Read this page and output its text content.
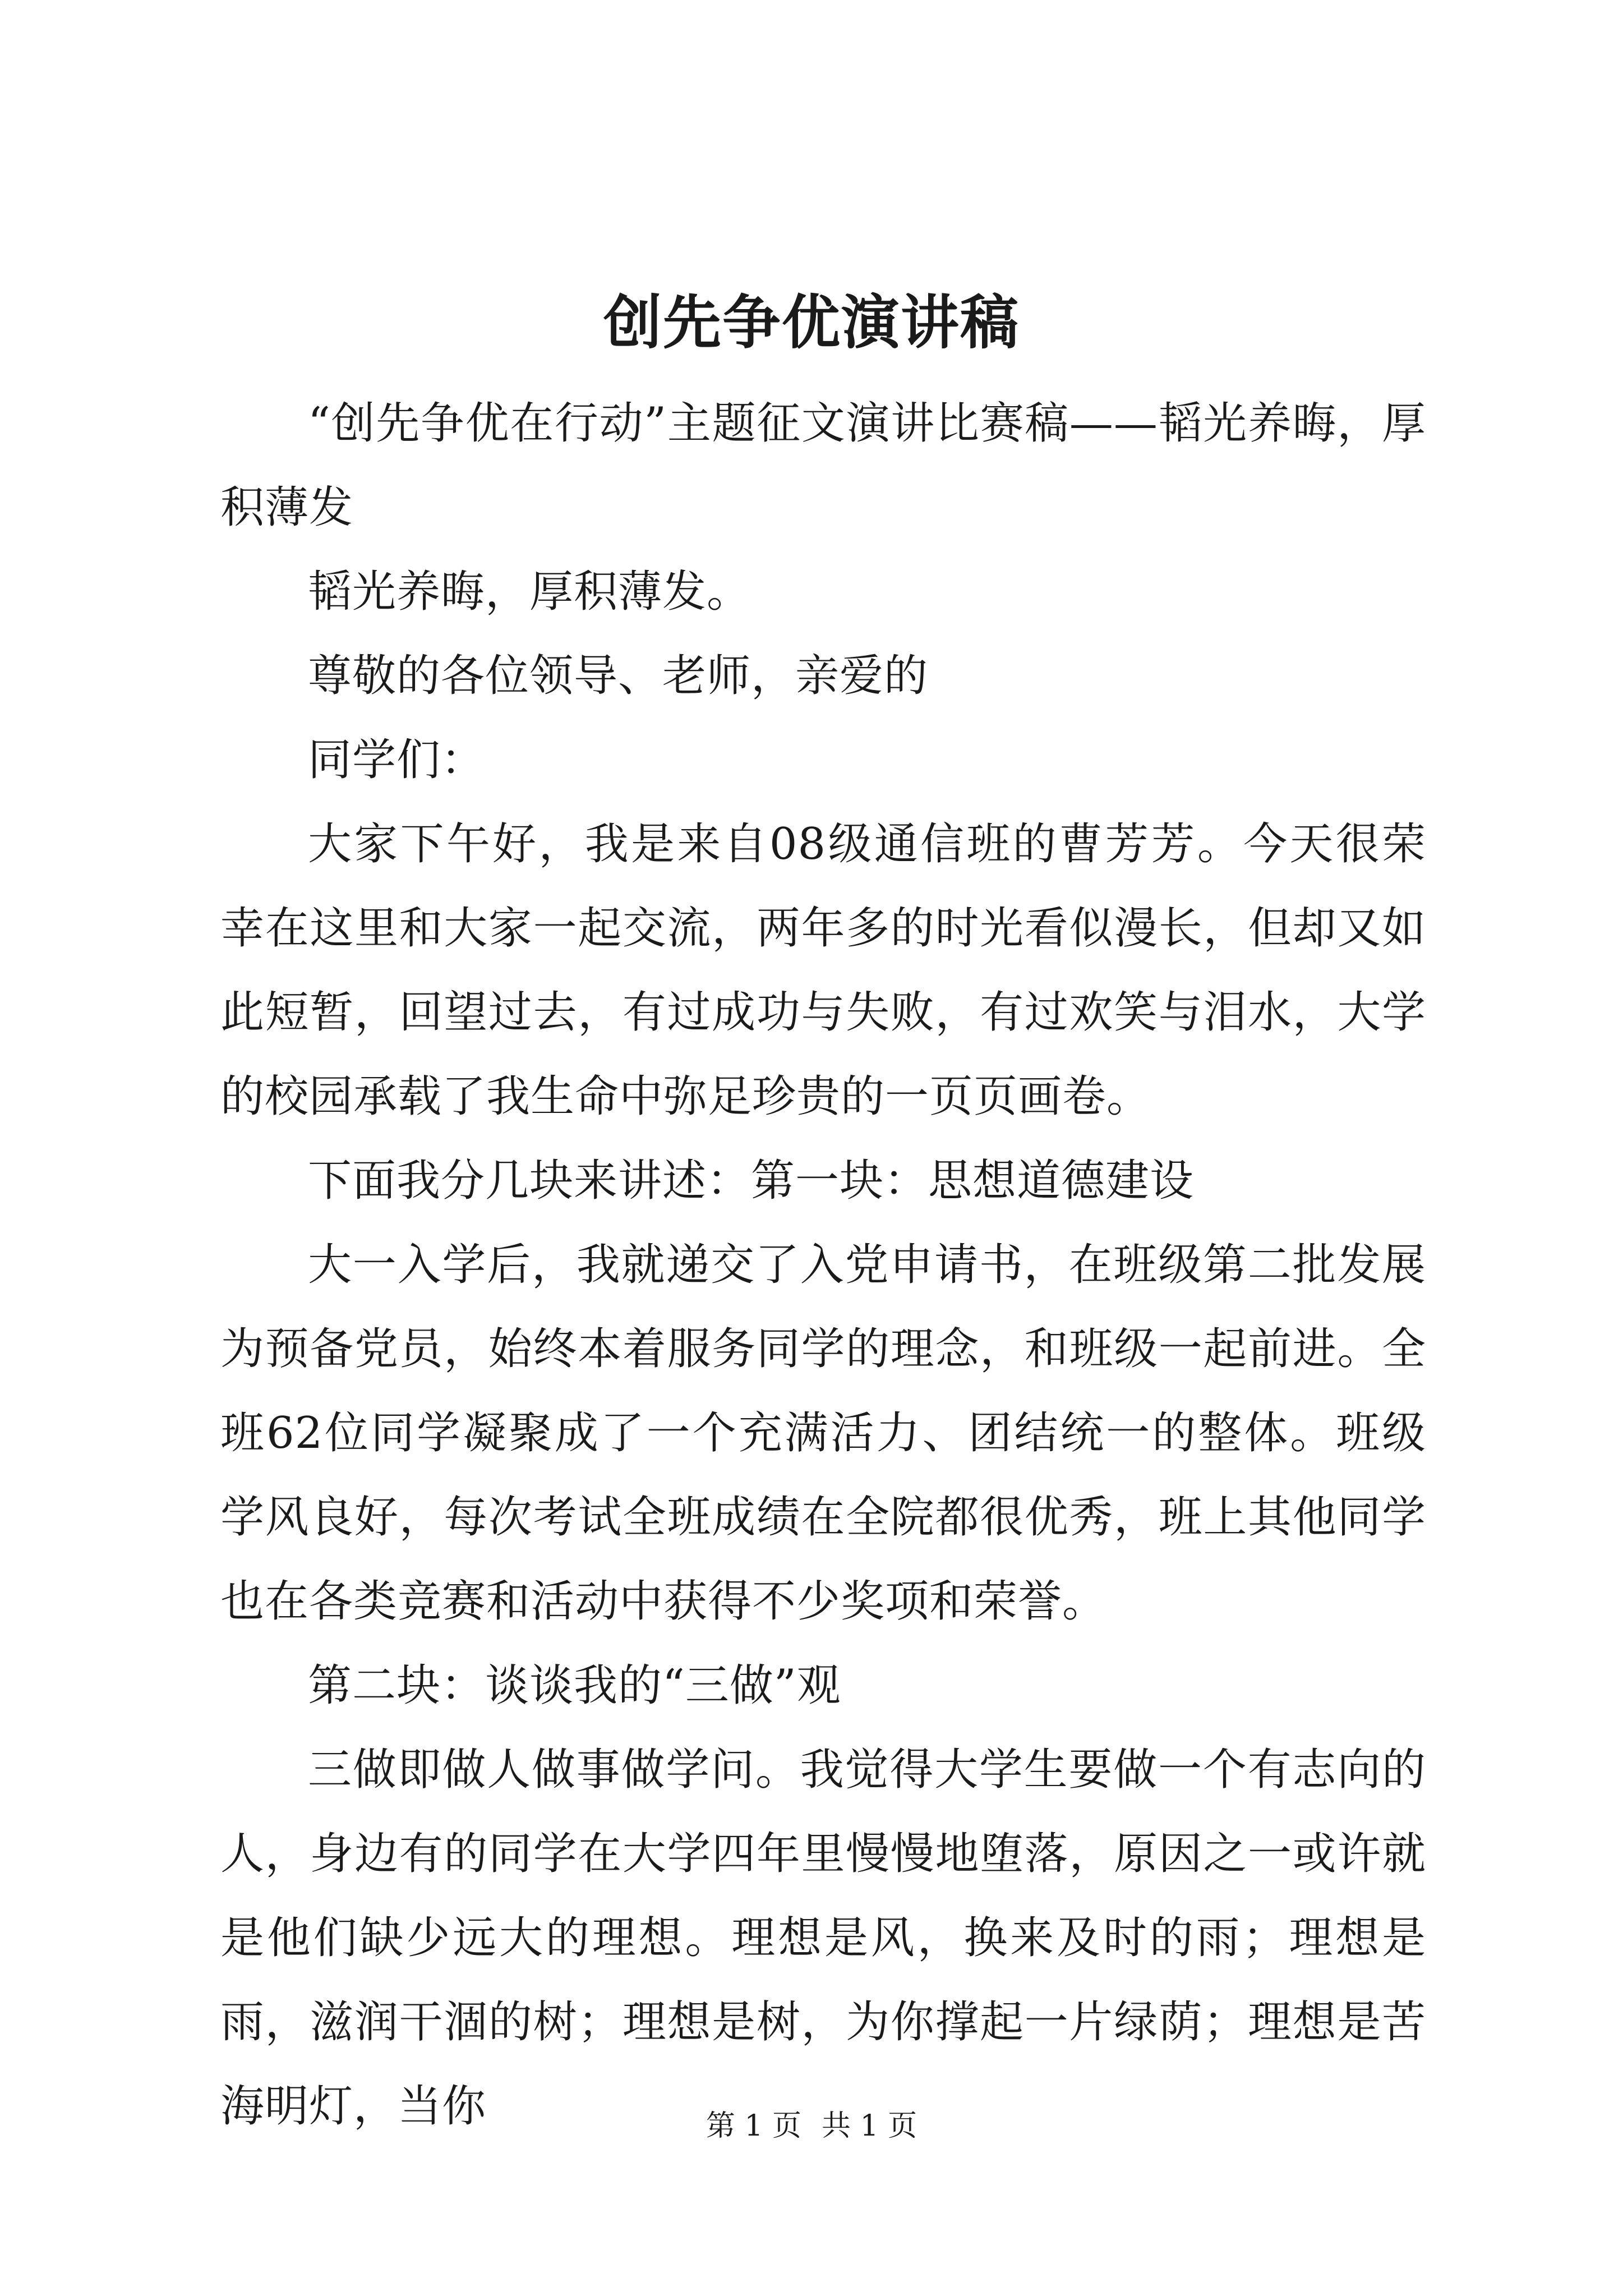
创先争优演讲稿

“创先争优在行动”主题征文演讲比赛稿——韬光养晦，厚积薄发

韬光养晦，厚积薄发。

尊敬的各位领导、老师，亲爱的

同学们：

大家下午好，我是来自08级通信班的曹芳芳。今天很荣幸在这里和大家一起交流，两年多的时光看似漫长，但却又如此短暂，回望过去，有过成功与失败，有过欢笑与泪水，大学的校园承载了我生命中弥足珍贵的一页页画卷。

下面我分几块来讲述：第一块：思想道德建设

大一入学后，我就递交了入党申请书，在班级第二批发展为预备党员，始终本着服务同学的理念，和班级一起前进。全班62位同学凝聚成了一个充满活力、团结统一的整体。班级学风良好，每次考试全班成绩在全院都很优秀，班上其他同学也在各类竞赛和活动中获得不少奖项和荣誉。

第二块：谈谈我的“三做”观

三做即做人做事做学问。我觉得大学生要做一个有志向的人，身边有的同学在大学四年里慢慢地堕落，原因之一或许就是他们缺少远大的理想。理想是风，换来及时的雨；理想是雨，滋润干涸的树；理想是树，为你撑起一片绿荫；理想是苦海明灯，当你	第 1 页 共 1 页
